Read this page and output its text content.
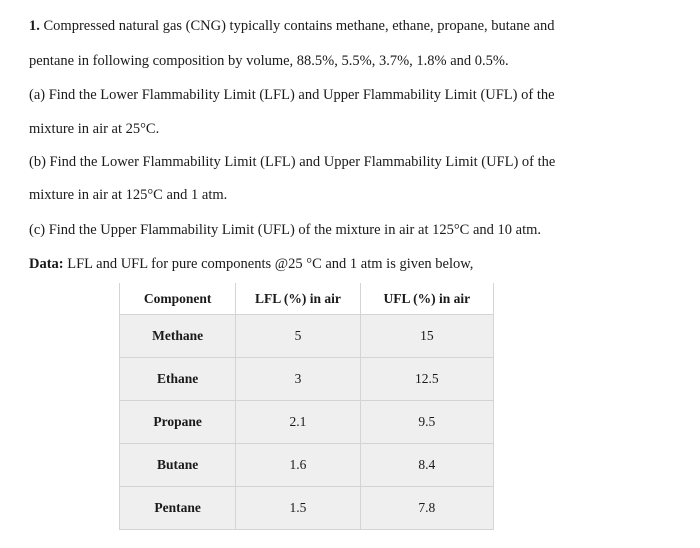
1. Compressed natural gas (CNG) typically contains methane, ethane, propane, butane and
pentane in following composition by volume, 88.5%, 5.5%, 3.7%, 1.8% and 0.5%.
(a) Find the Lower Flammability Limit (LFL) and Upper Flammability Limit (UFL) of the
mixture in air at 25°C.
(b) Find the Lower Flammability Limit (LFL) and Upper Flammability Limit (UFL) of the
mixture in air at 125°C and 1 atm.
(c) Find the Upper Flammability Limit (UFL) of the mixture in air at 125°C and 10 atm.
Data: LFL and UFL for pure components @25 °C and 1 atm is given below,
Component	LFL (%) in air	UFL (%) in air
Methane	5	15
Ethane	3	12.5
Propane	2.1	9.5
Butane	1.6	8.4
Pentane	1.5	7.8
